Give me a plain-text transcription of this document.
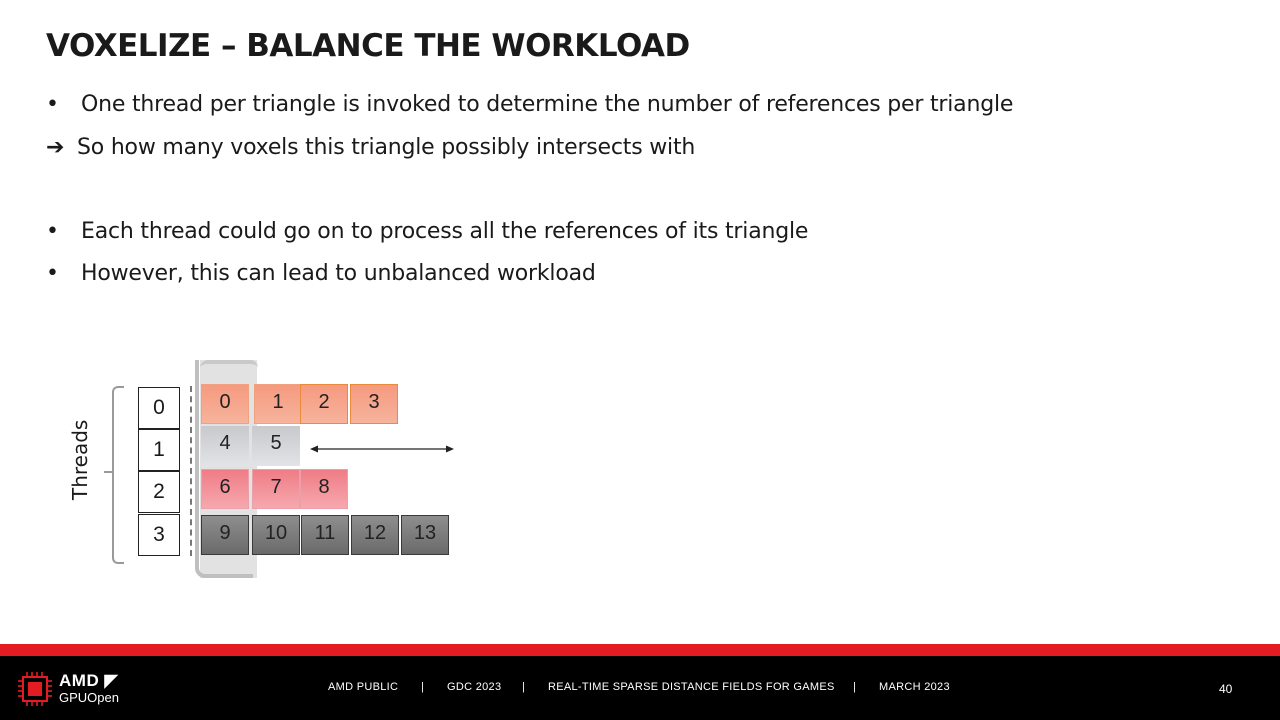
VOXELIZE – BALANCE THE WORKLOAD
• One thread per triangle is invoked to determine the number of references per triangle
➔ So how many voxels this triangle possibly intersects with
• Each thread could go on to process all the references of its triangle
• However, this can lead to unbalanced workload
Threads
0
1
2
3
0	1	2	3
4	5
6	7	8
9	10	11	12	13
AMD ◤
GPUOpen
AMD PUBLIC | GDC 2023 | REAL-TIME SPARSE DISTANCE FIELDS FOR GAMES | MARCH 2023	40
